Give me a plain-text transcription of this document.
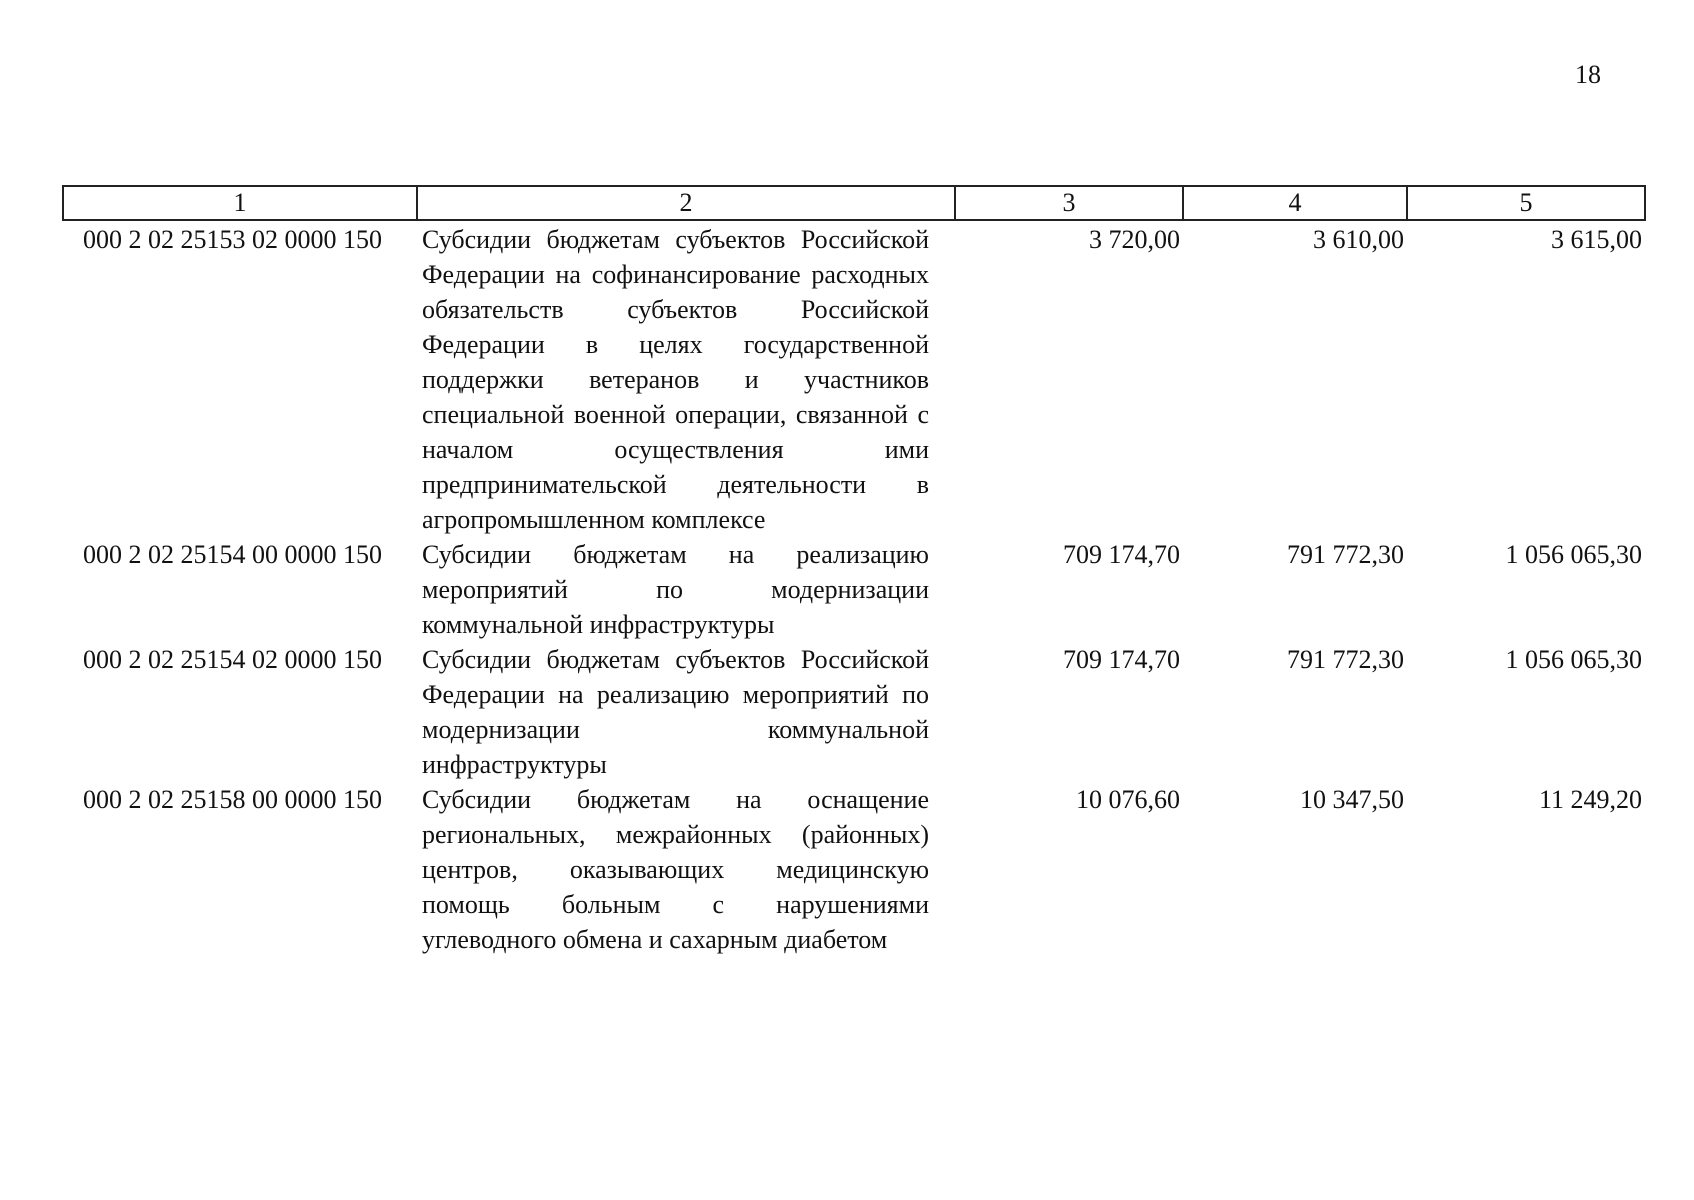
18
1	2	3	4	5
000 2 02 25153 02 0000 150	Субсидии бюджетам субъектов Российской Федерации на софинансирование расходных обязательств субъектов Российской Федерации в целях государственной поддержки ветеранов и участников специальной военной операции, связанной с началом осуществления ими предпринимательской деятельности в агропромышленном комплексе	3 720,00	3 610,00	3 615,00
000 2 02 25154 00 0000 150	Субсидии бюджетам на реализацию мероприятий по модернизации коммунальной инфраструктуры	709 174,70	791 772,30	1 056 065,30
000 2 02 25154 02 0000 150	Субсидии бюджетам субъектов Российской Федерации на реализацию мероприятий по модернизации коммунальной инфраструктуры	709 174,70	791 772,30	1 056 065,30
000 2 02 25158 00 0000 150	Субсидии бюджетам на оснащение региональных, межрайонных (районных) центров, оказывающих медицинскую помощь больным с нарушениями углеводного обмена и сахарным диабетом	10 076,60	10 347,50	11 249,20
